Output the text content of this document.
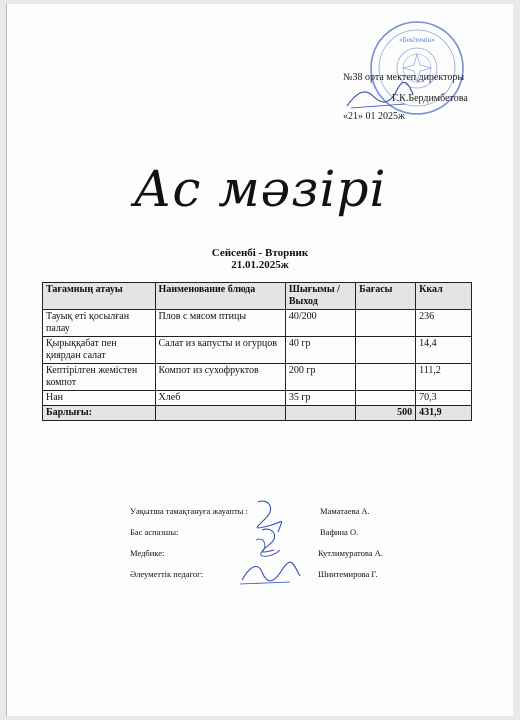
«Бекітемін»
№38 орта мектеп директоры
Г.К.Бердимбетова
«21» 01 2025ж
Ас мәзірі
Сейсенбі - Вторник
21.01.2025ж
Тағамның атауы	Наименование блюда	Шығымы / Выход	Бағасы	Ккал
Тауық еті қосылған палау	Плов с мясом птицы	40/200		236
Қырыққабат пен қиярдан салат	Салат из капусты и огурцов	40 гр		14,4
Кептірілген жемістен компот	Компот из сухофруктов	200 гр		111,2
Нан	Хлеб	35 гр		70,3
Барлығы:			500	431,9
Уақытша тамақтануға жауапты :	Маматаева А.
Бас аспазшы:	Вафина О.
Медбике:	Кутлимуратова А.
Әлеуметтік педагог:	Шинтемирова Г.
